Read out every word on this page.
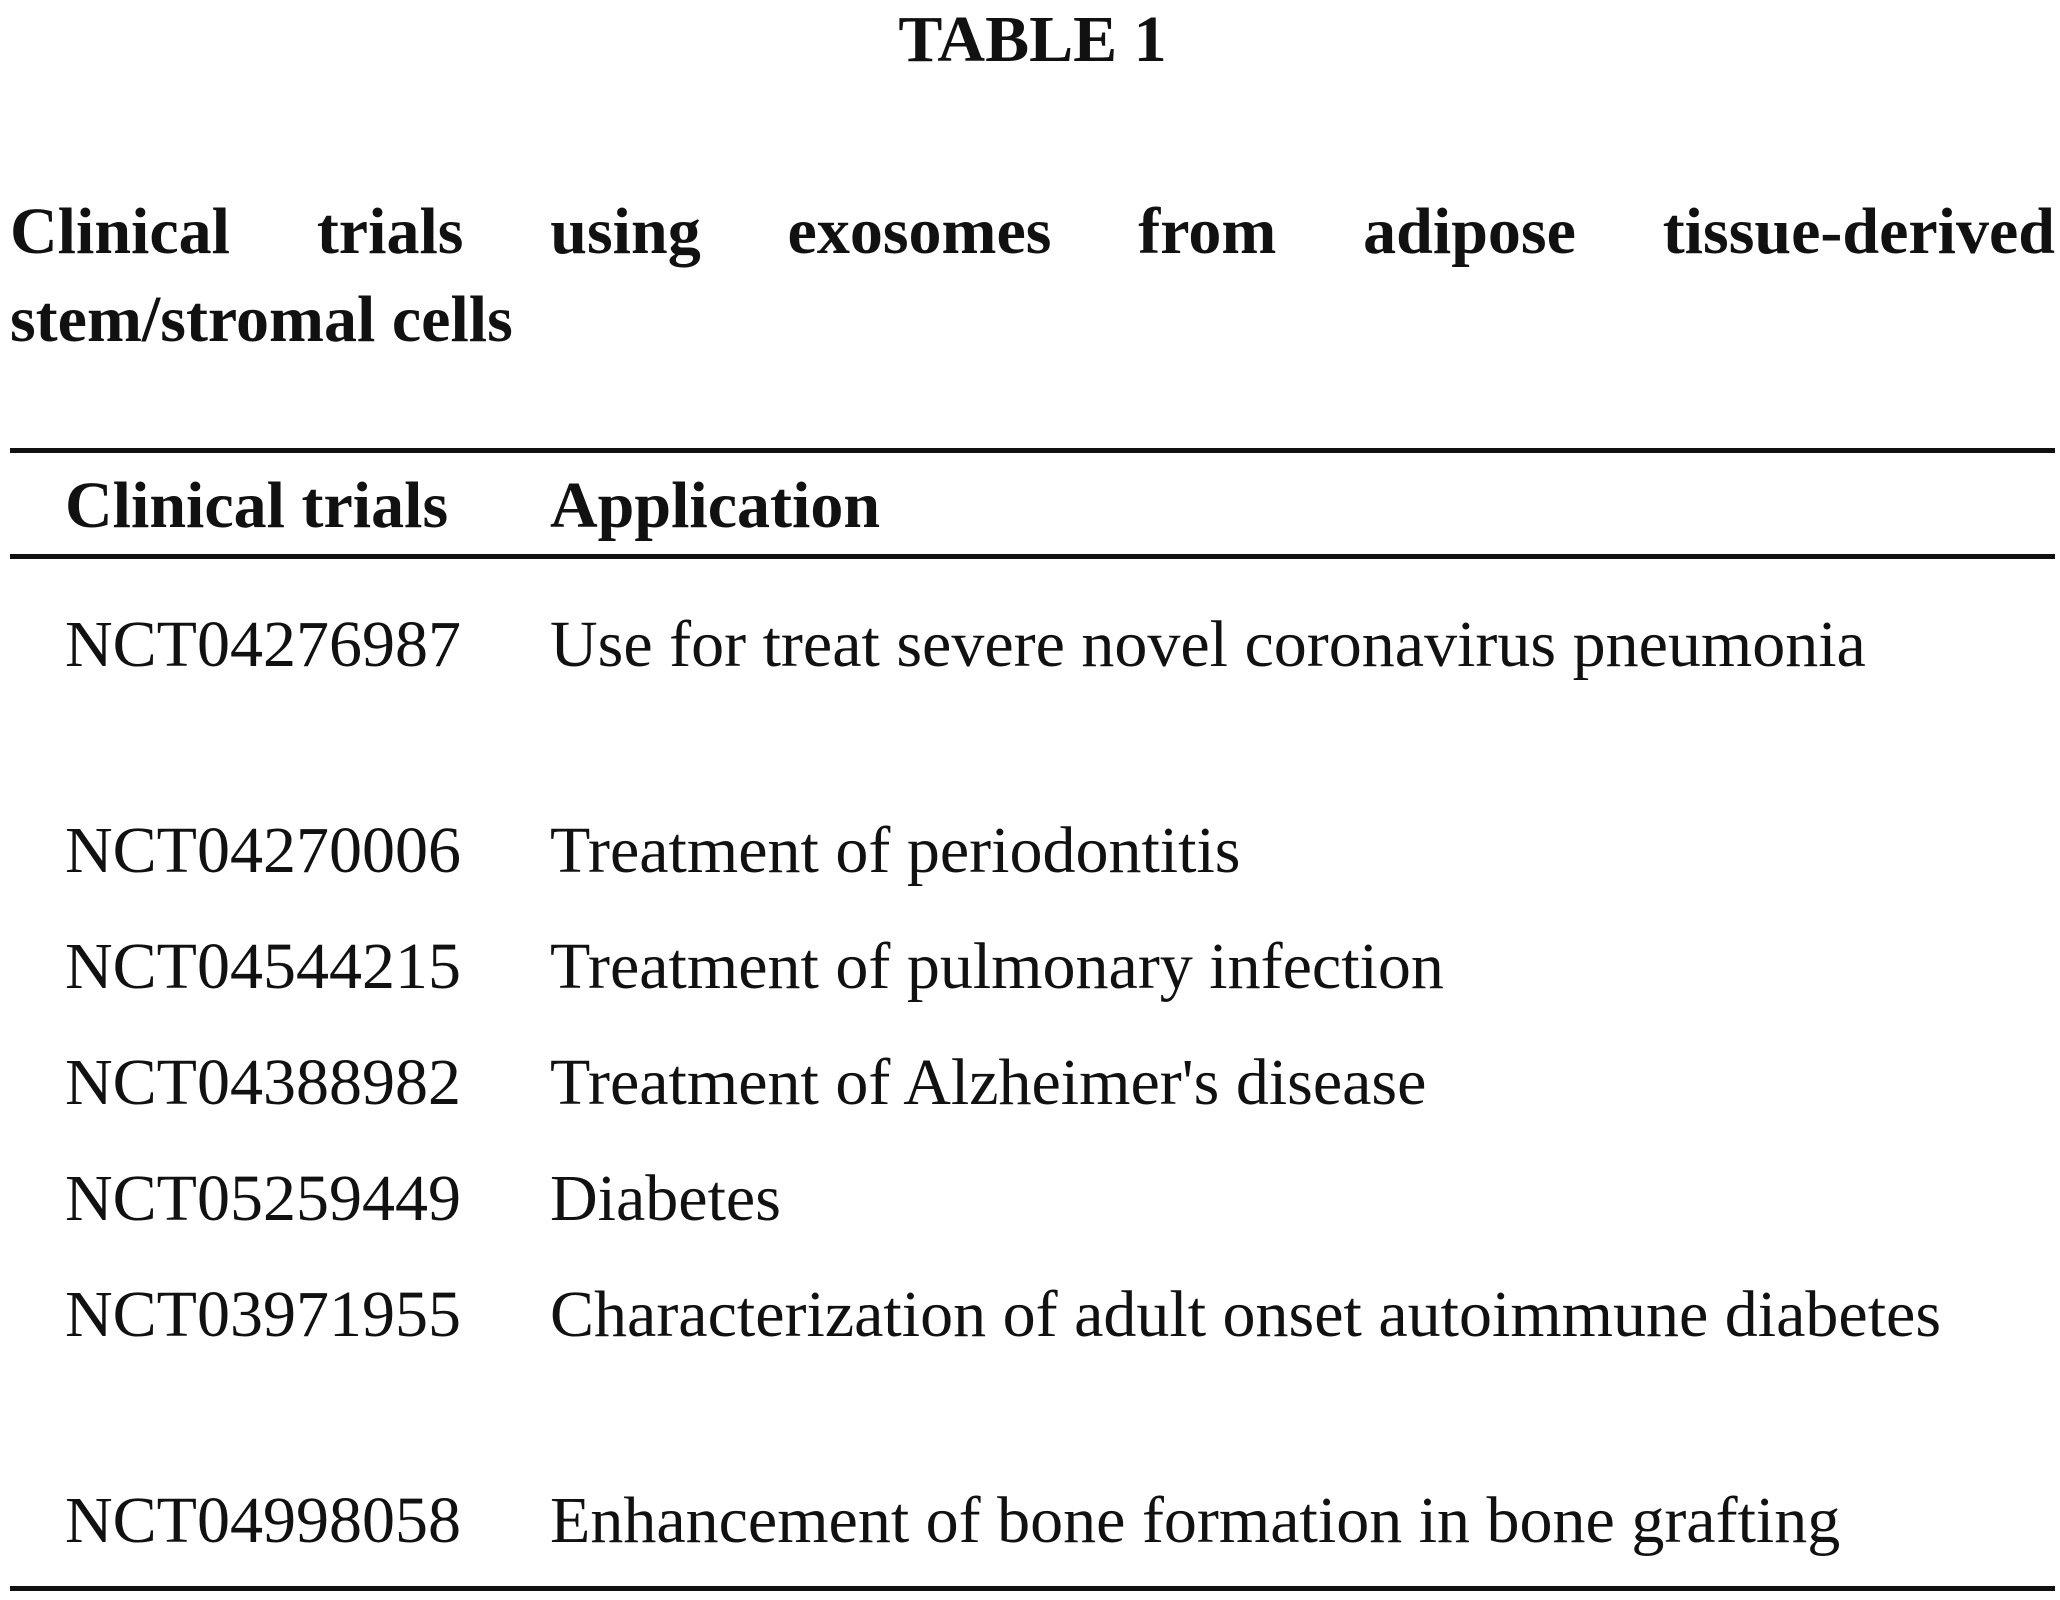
TABLE 1
Clinical trials using exosomes from adipose tissue-derived
stem/stromal cells
Clinical trials Application
NCT04276987 Use for treat severe novel coronavirus pneumonia
NCT04270006 Treatment of periodontitis
NCT04544215 Treatment of pulmonary infection
NCT04388982 Treatment of Alzheimer's disease
NCT05259449 Diabetes
NCT03971955 Characterization of adult onset autoimmune diabetes
NCT04998058 Enhancement of bone formation in bone grafting
